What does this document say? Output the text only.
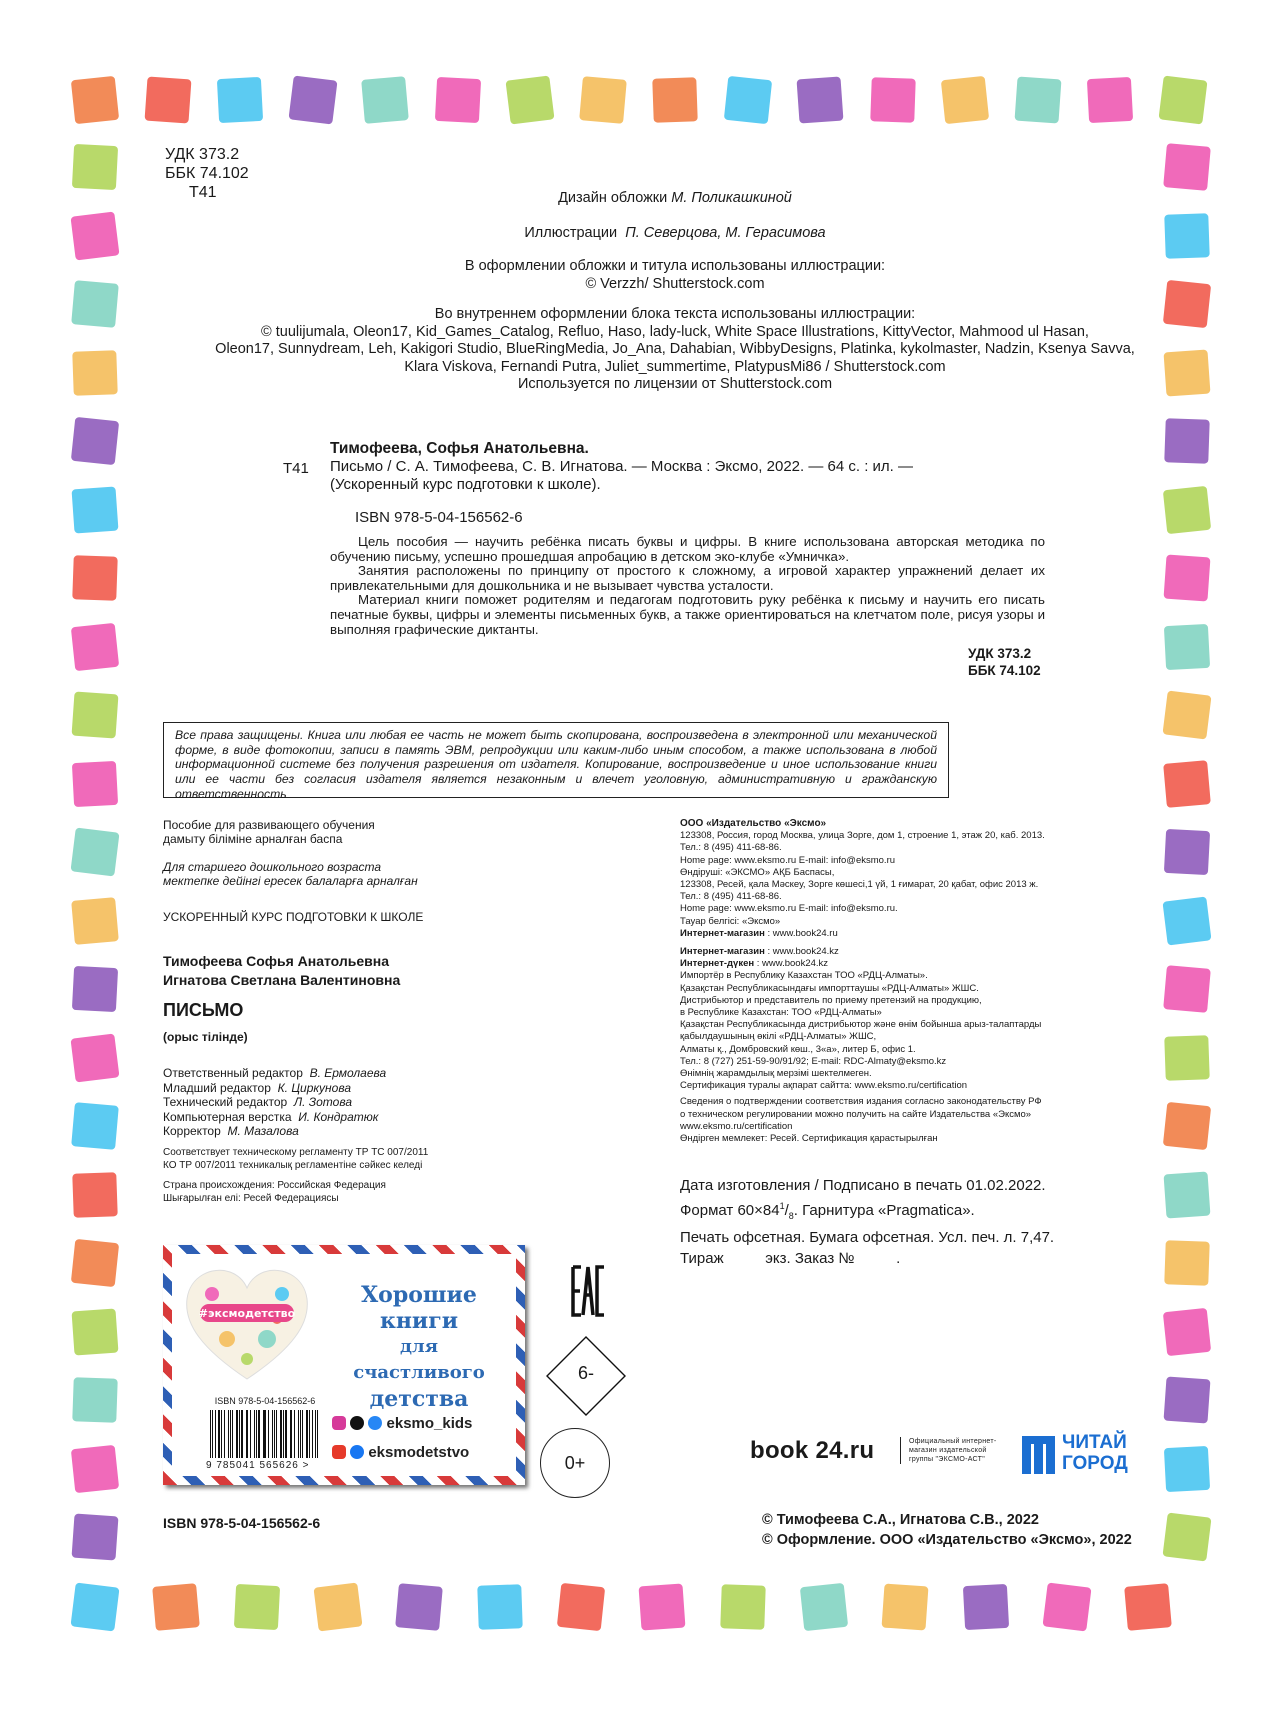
УДК 373.2
ББК 74.102
Т41	Дизайн обложки М. Поликашкиной
Иллюстрации П. Северцова, М. Герасимова
В оформлении обложки и титула использованы иллюстрации:
© Verzzh/ Shutterstock.com
Во внутреннем оформлении блока текста использованы иллюстрации:
© tuulijumala, Oleon17, Kid_Games_Catalog, Refluo, Haso, lady-luck, White Space Illustrations, KittyVector, Mahmood ul Hasan,
Oleon17, Sunnydream, Leh, Kakigori Studio, BlueRingMedia, Jo_Ana, Dahabian, WibbyDesigns, Platinka, kykolmaster, Nadzin, Ksenya Savva,
Klara Viskova, Fernandi Putra, Juliet_summertime, PlatypusMi86 / Shutterstock.com
Используется по лицензии от Shutterstock.com
Тимофеева, Софья Анатольевна.
Письмо / С. А. Тимофеева, С. В. Игнатова. — Москва : Эксмо, 2022. — 64 с. : ил. —
(Ускоренный курс подготовки к школе).
Т41
ISBN 978-5-04-156562-6

Цель пособия — научить ребёнка писать буквы и цифры. В книге использована авторская методика по обучению письму, успешно прошедшая апробацию в детском эко-клубе «Умничка».

Занятия расположены по принципу от простого к сложному, а игровой характер упражнений делает их привлекательными для дошкольника и не вызывает чувства усталости.

Материал книги поможет родителям и педагогам подготовить руку ребёнка к письму и научить его писать печатные буквы, цифры и элементы письменных букв, а также ориентироваться на клетчатом поле, рисуя узоры и выполняя графические диктанты.

УДК 373.2
ББК 74.102
Все права защищены. Книга или любая ее часть не может быть скопирована, воспроизведена в электронной или механической форме, в виде фотокопии, записи в память ЭВМ, репродукции или каким-либо иным способом, а также использована в любой информационной системе без получения разрешения от издателя. Копирование, воспроизведение и иное использование книги или ее части без согласия издателя является незаконным и влечет уголовную, административную и гражданскую ответственность
Пособие для развивающего обучения
дамыту біліміне арналған баспа
Для старшего дошкольного возраста
мектепке дейінгі ересек балаларға арналған
УСКОРЕННЫЙ КУРС ПОДГОТОВКИ К ШКОЛЕ
Тимофеева Софья Анатольевна
Игнатова Светлана Валентиновна
ПИСЬМО
(орыс тілінде)
Ответственный редактор В. Ермолаева
Младший редактор К. Циркунова
Технический редактор Л. Зотова
Компьютерная верстка И. Кондратюк
Корректор М. Мазалова
Соответствует техническому регламенту ТР ТС 007/2011
КО ТР 007/2011 техникалық регламентіне сәйкес келеді
Страна происхождения: Российская Федерация
Шығарылған елі: Ресей Федерациясы
ООО «Издательство «Эксмо»
123308, Россия, город Москва, улица Зорге, дом 1, строение 1, этаж 20, каб. 2013.
Тел.: 8 (495) 411-68-86.
Home page: www.eksmo.ru E-mail: info@eksmo.ru
Өндіруші: «ЭКСМО» АҚБ Баспасы,
123308, Ресей, қала Мәскеу, Зорге көшесі,1 үй, 1 ғимарат, 20 қабат, офис 2013 ж.
Тел.: 8 (495) 411-68-86.
Home page: www.eksmo.ru E-mail: info@eksmo.ru.
Тауар белгісі: «Эксмо»
Интернет-магазин : www.book24.ru
Интернет-магазин : www.book24.kz
Интернет-дүкен : www.book24.kz
Импортёр в Республику Казахстан ТОО «РДЦ-Алматы».
Қазақстан Республикасындағы импорттаушы «РДЦ-Алматы» ЖШС.
Дистрибьютор и представитель по приему претензий на продукцию,
в Республике Казахстан: ТОО «РДЦ-Алматы»
Қазақстан Республикасында дистрибьютор және өнім бойынша арыз-талаптарды
қабылдаушының өкілі «РДЦ-Алматы» ЖШС,
Алматы қ., Домбровский көш., 3«а», литер Б, офис 1.
Тел.: 8 (727) 251-59-90/91/92; E-mail: RDC-Almaty@eksmo.kz
Өнімнің жарамдылық мерзімі шектелмеген.
Сертификация туралы ақпарат сайтта: www.eksmo.ru/certification
Сведения о подтверждении соответствия издания согласно законодательству РФ
о техническом регулировании можно получить на сайте Издательства «Эксмо»
www.eksmo.ru/certification
Өндірген мемлекет: Ресей. Сертификация қарастырылған
Дата изготовления / Подписано в печать 01.02.2022.
Формат $60\times 84^1/_8$. Гарнитура «Pragmatica».
Печать офсетная. Бумага офсетная. Усл. печ. л. 7,47.
Тираж          экз. Заказ №          .
#эксмодетство
Хорошие
книги
для счастливого
детства
ISBN 978-5-04-156562-6
9 785041 565626 >
eksmo_kids
eksmodetstvo
6-
0+	book 24.ru	Официальный интернет-магазин издательской группы "ЭКСМО-АСТ"
ЧИТАЙ
ГОРОД
© Тимофеева С.А., Игнатова С.В., 2022
© Оформление. ООО «Издательство «Эксмо», 2022
ISBN 978-5-04-156562-6
